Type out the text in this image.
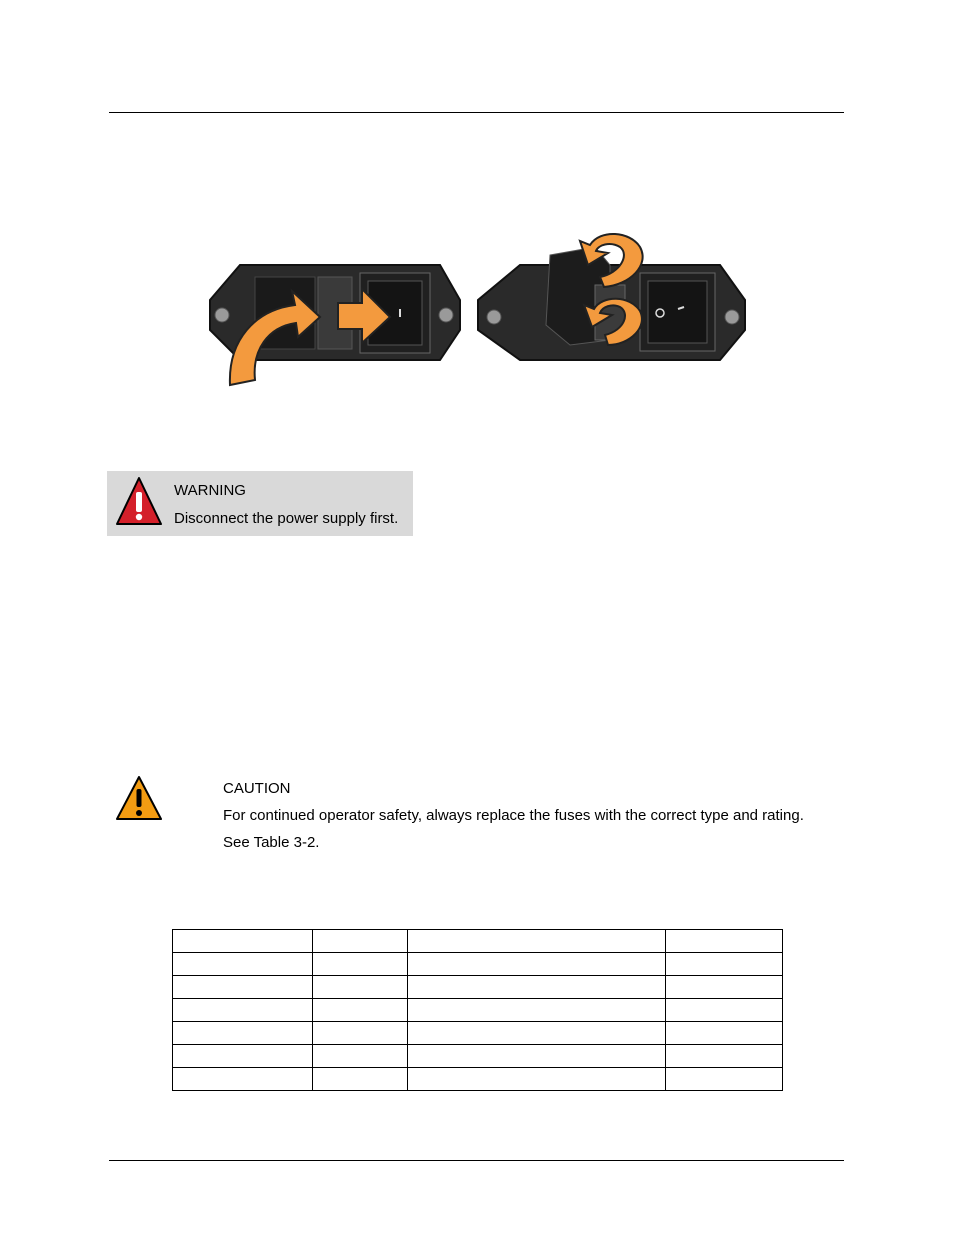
WARNING
Disconnect the power supply first.
CAUTION
For continued operator safety, always replace the fuses with the correct type and rating.
See Table 3-2.
